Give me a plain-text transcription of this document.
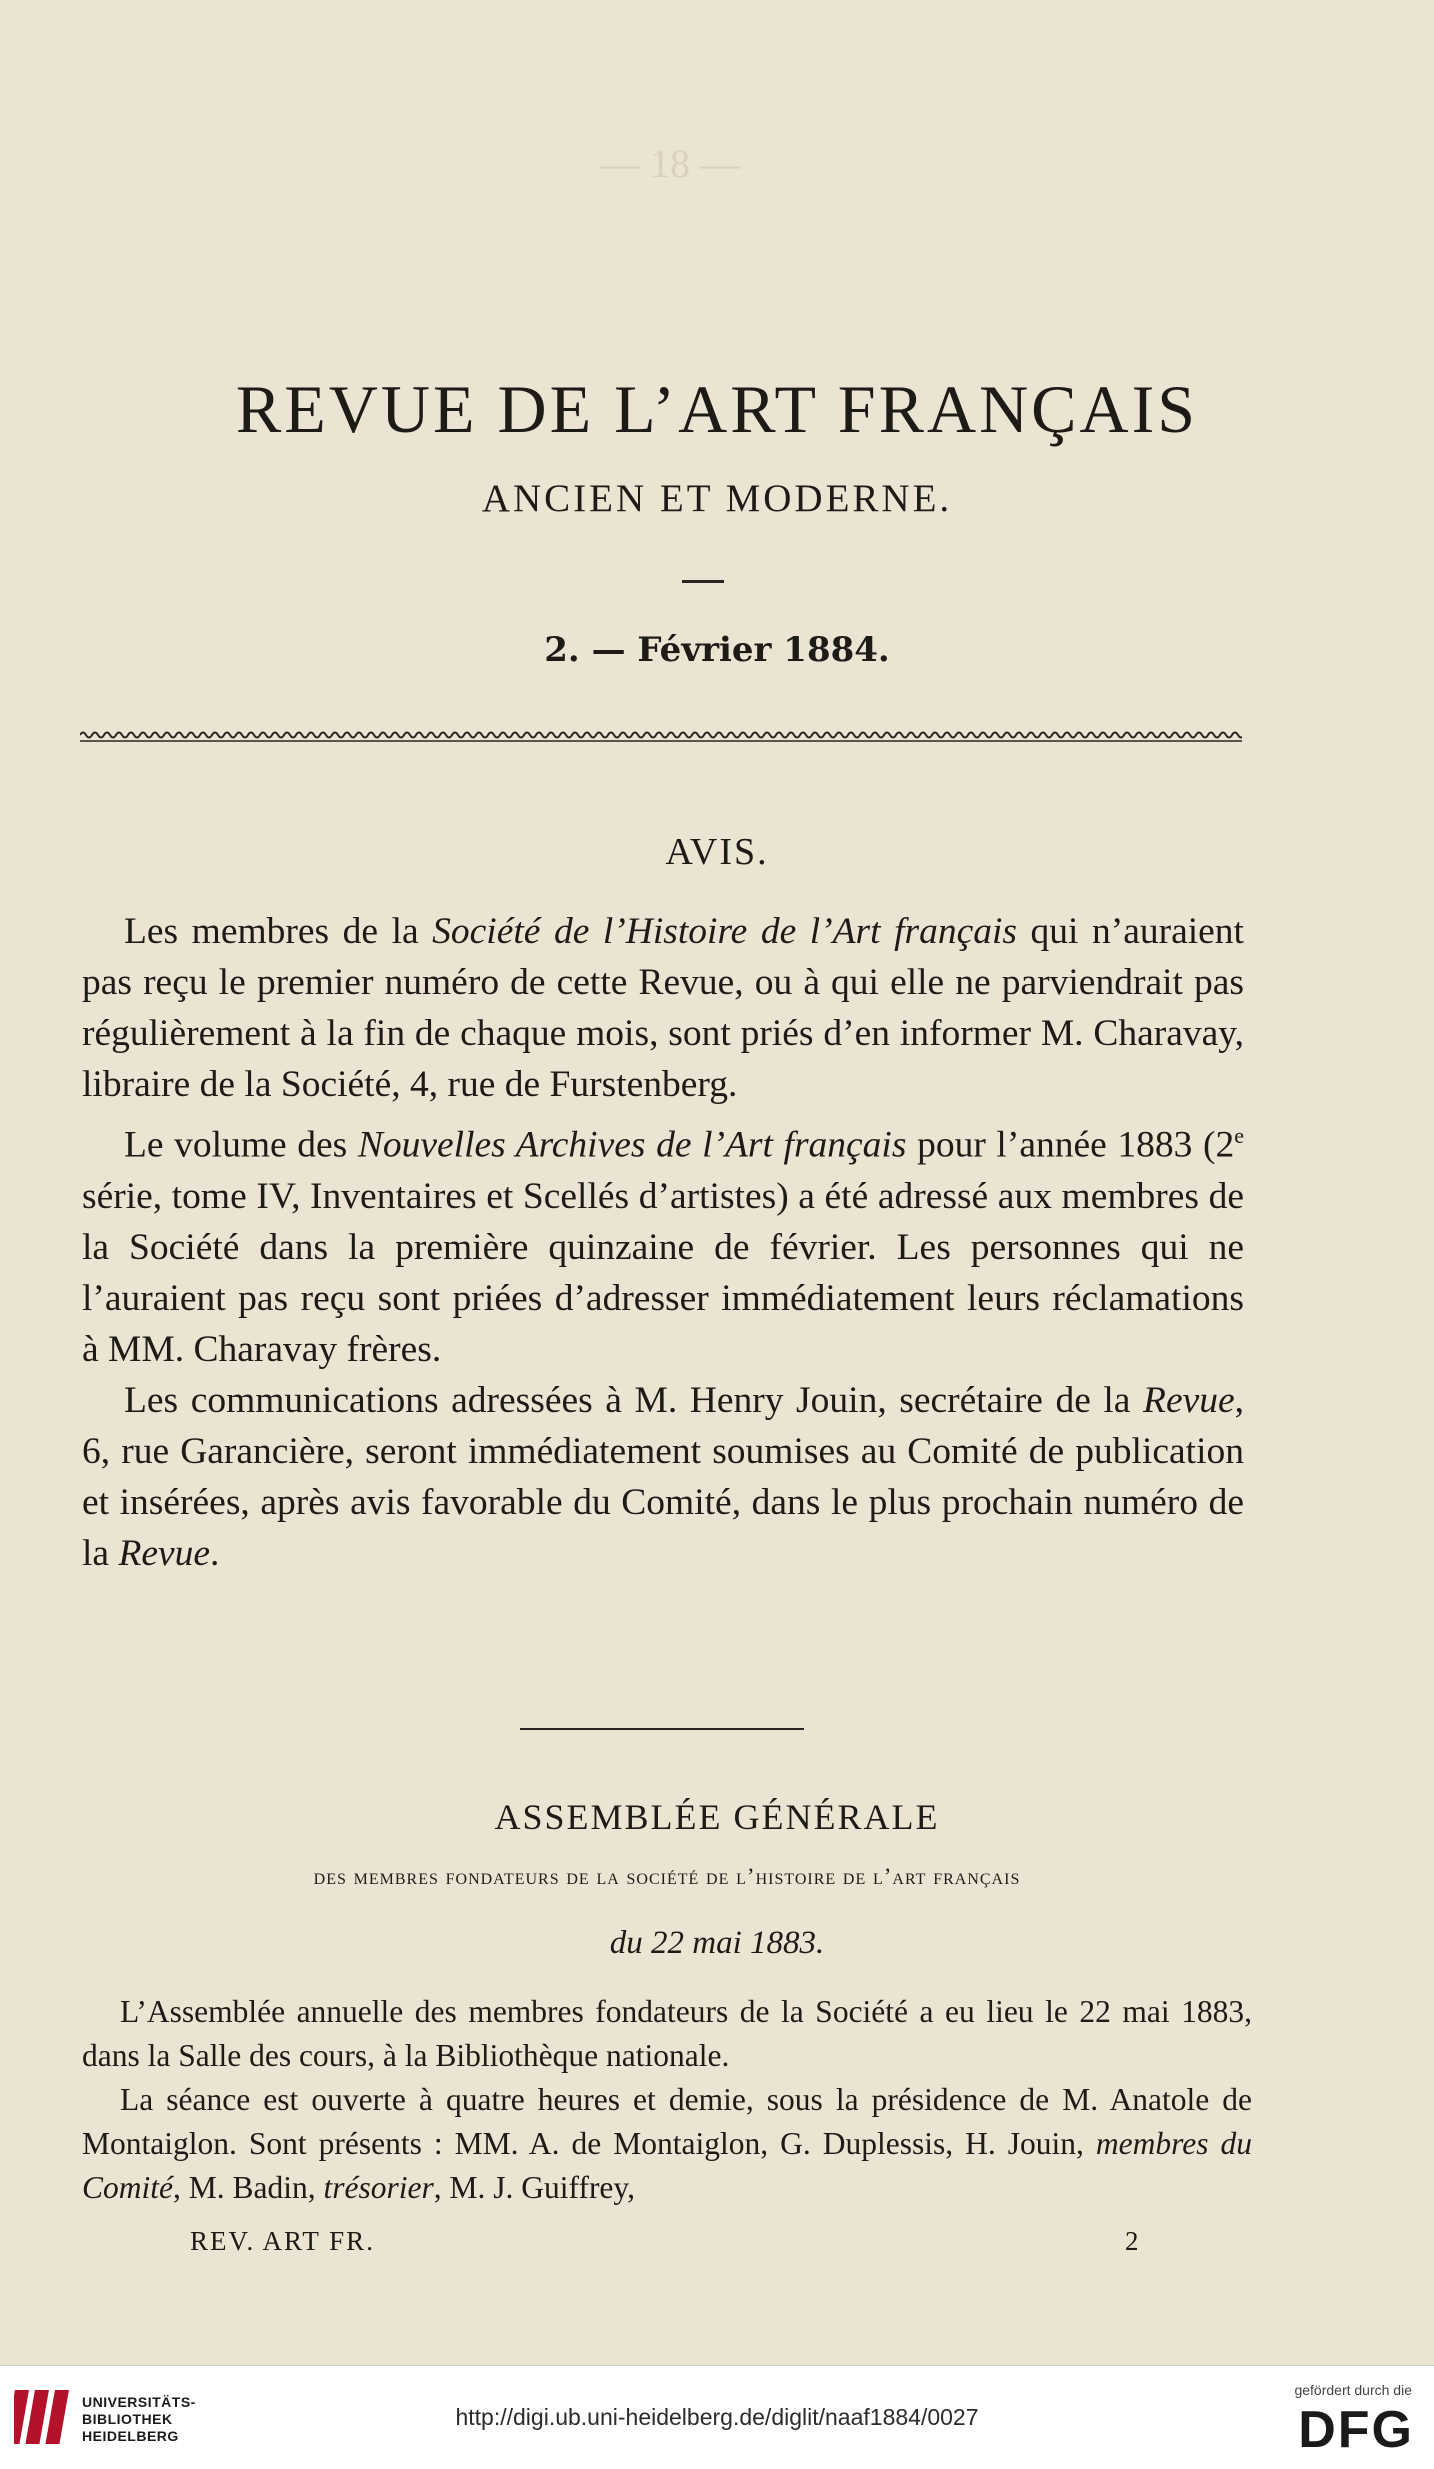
— 18 —
REVUE DE L’ART FRANÇAIS
ANCIEN ET MODERNE.
2. — Février 1884.
AVIS.

Les membres de la Société de l’Histoire de l’Art français qui n’auraient pas reçu le premier numéro de cette Revue, ou à qui elle ne parviendrait pas régulièrement à la fin de chaque mois, sont priés d’en informer M. Charavay, libraire de la Société, 4, rue de Furstenberg.

Le volume des Nouvelles Archives de l’Art français pour l’année 1883 (2e série, tome IV, Inventaires et Scellés d’artistes) a été adressé aux membres de la Société dans la première quinzaine de février. Les personnes qui ne l’auraient pas reçu sont priées d’adresser immédiatement leurs réclamations à MM. Charavay frères.

Les communications adressées à M. Henry Jouin, secrétaire de la Revue, 6, rue Garancière, seront immédiatement soumises au Comité de publication et insérées, après avis favorable du Comité, dans le plus prochain numéro de la Revue.

ASSEMBLÉE GÉNÉRALE
des membres fondateurs de la société de l’histoire de l’art français
du 22 mai 1883.

L’Assemblée annuelle des membres fondateurs de la Société a eu lieu le 22 mai 1883, dans la Salle des cours, à la Bibliothèque nationale.

La séance est ouverte à quatre heures et demie, sous la présidence de M. Anatole de Montaiglon. Sont présents : MM. A. de Montaiglon, G. Duplessis, H. Jouin, membres du Comité, M. Badin, trésorier, M. J. Guiffrey,

REV. ART FR.	2
UNIVERSITÄTS-
BIBLIOTHEK
HEIDELBERG
http://digi.ub.uni-heidelberg.de/diglit/naaf1884/0027
gefördert durch die
DFG
